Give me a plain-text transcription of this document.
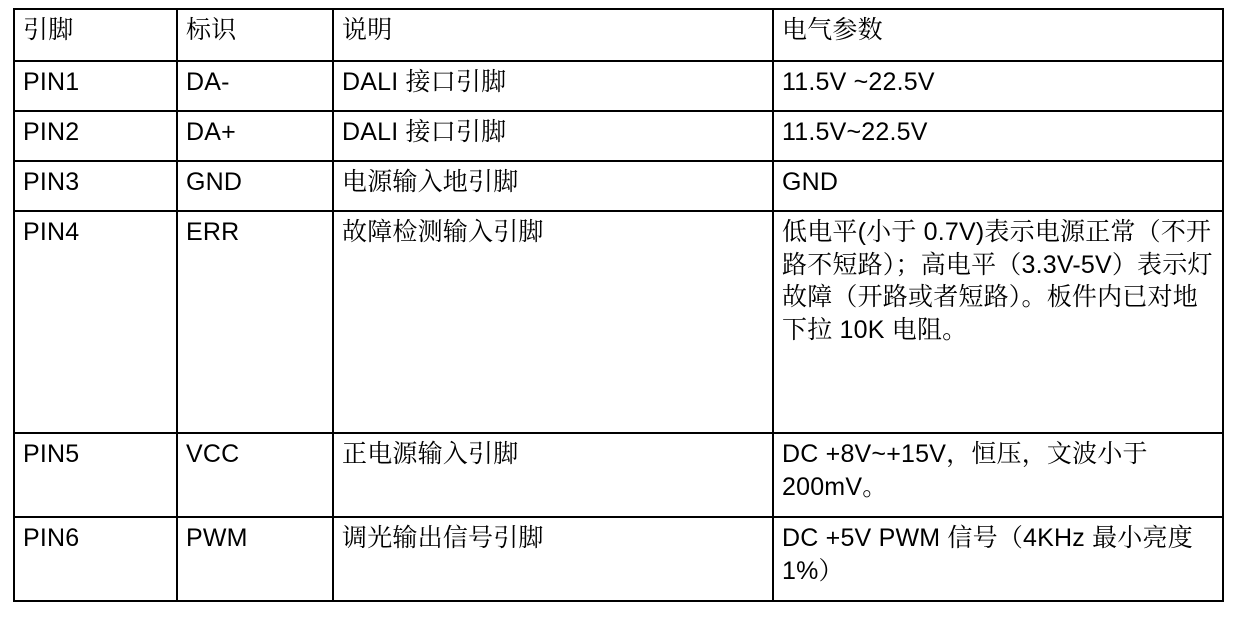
引脚	标识	说明	电气参数
PIN1	DA-	DALI 接口引脚	11.5V ~22.5V
PIN2	DA+	DALI 接口引脚	11.5V~22.5V
PIN3	GND	电源输入地引脚	GND
PIN4	ERR	故障检测输入引脚	低电平(小于 0.7V)表示电源正常（不开路不短路）；高电平（3.3V-5V）表示灯故障（开路或者短路）。板件内已对地下拉 10K 电阻。
PIN5	VCC	正电源输入引脚	DC +8V~+15V，恒压，文波小于 200mV。
PIN6	PWM	调光输出信号引脚	DC +5V PWM 信号（4KHz 最小亮度 1%）
